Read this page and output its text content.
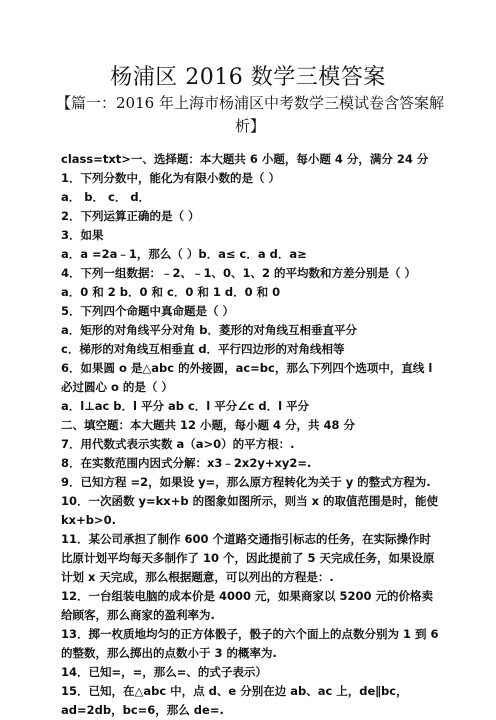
杨浦区 2016 数学三模答案

【篇一：2016 年上海市杨浦区中考数学三模试卷含答案解析】

class=txt>一、选择题：本大题共 6 小题，每小题 4 分，满分 24 分
1．下列分数中，能化为有限小数的是（ ）
a． b． c． d．
2．下列运算正确的是（ ）
3．如果
a．a =2a﹣1，那么（ ）b．a≤ c．a d．a≥
4．下列一组数据：﹣2、﹣1、0、1、2 的平均数和方差分别是（ ）
a．0 和 2 b．0 和 c．0 和 1 d．0 和 0
5．下列四个命题中真命题是（ ）
a．矩形的对角线平分对角 b．菱形的对角线互相垂直平分
c．梯形的对角线互相垂直 d．平行四边形的对角线相等
6．如果圆 o 是△abc 的外接圆，ac=bc，那么下列四个选项中，直线 l 必过圆心 o 的是（ ）
a．l⊥ac b．l 平分 ab c．l 平分∠c d．l 平分
二、填空题：本大题共 12 小题，每小题 4 分，共 48 分
7．用代数式表示实数 a（a>0）的平方根：.
8．在实数范围内因式分解：x3﹣2x2y+xy2=.
9．已知方程 =2，如果设 y=，那么原方程转化为关于 y 的整式方程为.
10．一次函数 y=kx+b 的图象如图所示，则当 x 的取值范围是时，能使 kx+b>0.
11．某公司承担了制作 600 个道路交通指引标志的任务，在实际操作时比原计划平均每天多制作了 10 个，因此提前了 5 天完成任务，如果设原计划 x 天完成，那么根据题意，可以列出的方程是：.
12．一台组装电脑的成本价是 4000 元，如果商家以 5200 元的价格卖给顾客，那么商家的盈利率为.
13．掷一枚质地均匀的正方体骰子，骰子的六个面上的点数分别为 1 到 6 的整数，那么掷出的点数小于 3 的概率为.
14．已知=，=，那么=、的式子表示）
15．已知，在△abc 中，点 d、e 分别在边 ab、ac 上，de∥bc，ad=2db，bc=6，那么 de=.
